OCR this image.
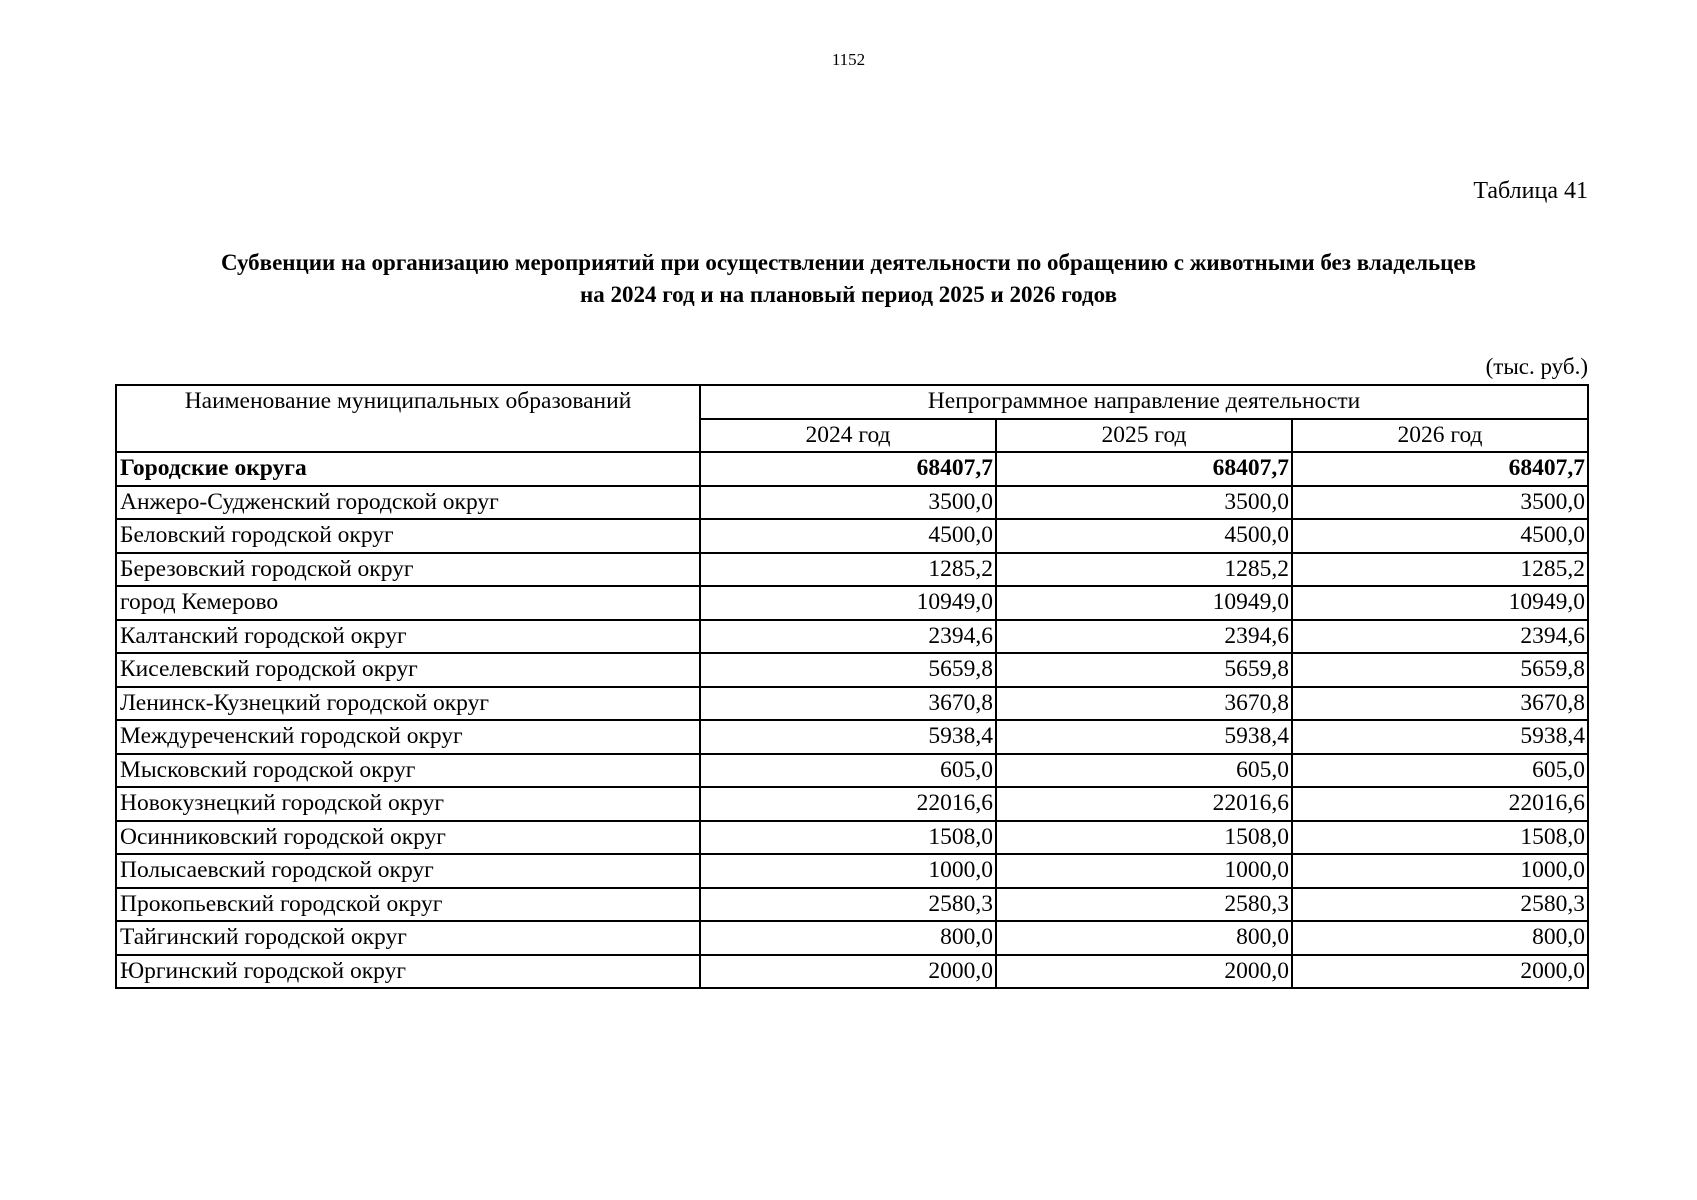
1152
Таблица 41
Субвенции на организацию мероприятий при осуществлении деятельности по обращению с животными без владельцев
на 2024 год и на плановый период 2025 и 2026 годов
(тыс. руб.)
Наименование муниципальных образований	Непрограммное направление деятельности		
	2024 год	2025 год	2026 год
Городские округа	68407,7	68407,7	68407,7
Анжеро-Судженский городской округ	3500,0	3500,0	3500,0
Беловский городской округ	4500,0	4500,0	4500,0
Березовский городской округ	1285,2	1285,2	1285,2
город Кемерово	10949,0	10949,0	10949,0
Калтанский городской округ	2394,6	2394,6	2394,6
Киселевский городской округ	5659,8	5659,8	5659,8
Ленинск-Кузнецкий городской округ	3670,8	3670,8	3670,8
Междуреченский городской округ	5938,4	5938,4	5938,4
Мысковский городской округ	605,0	605,0	605,0
Новокузнецкий городской округ	22016,6	22016,6	22016,6
Осинниковский городской округ	1508,0	1508,0	1508,0
Полысаевский городской округ	1000,0	1000,0	1000,0
Прокопьевский городской округ	2580,3	2580,3	2580,3
Тайгинский городской округ	800,0	800,0	800,0
Юргинский городской округ	2000,0	2000,0	2000,0
